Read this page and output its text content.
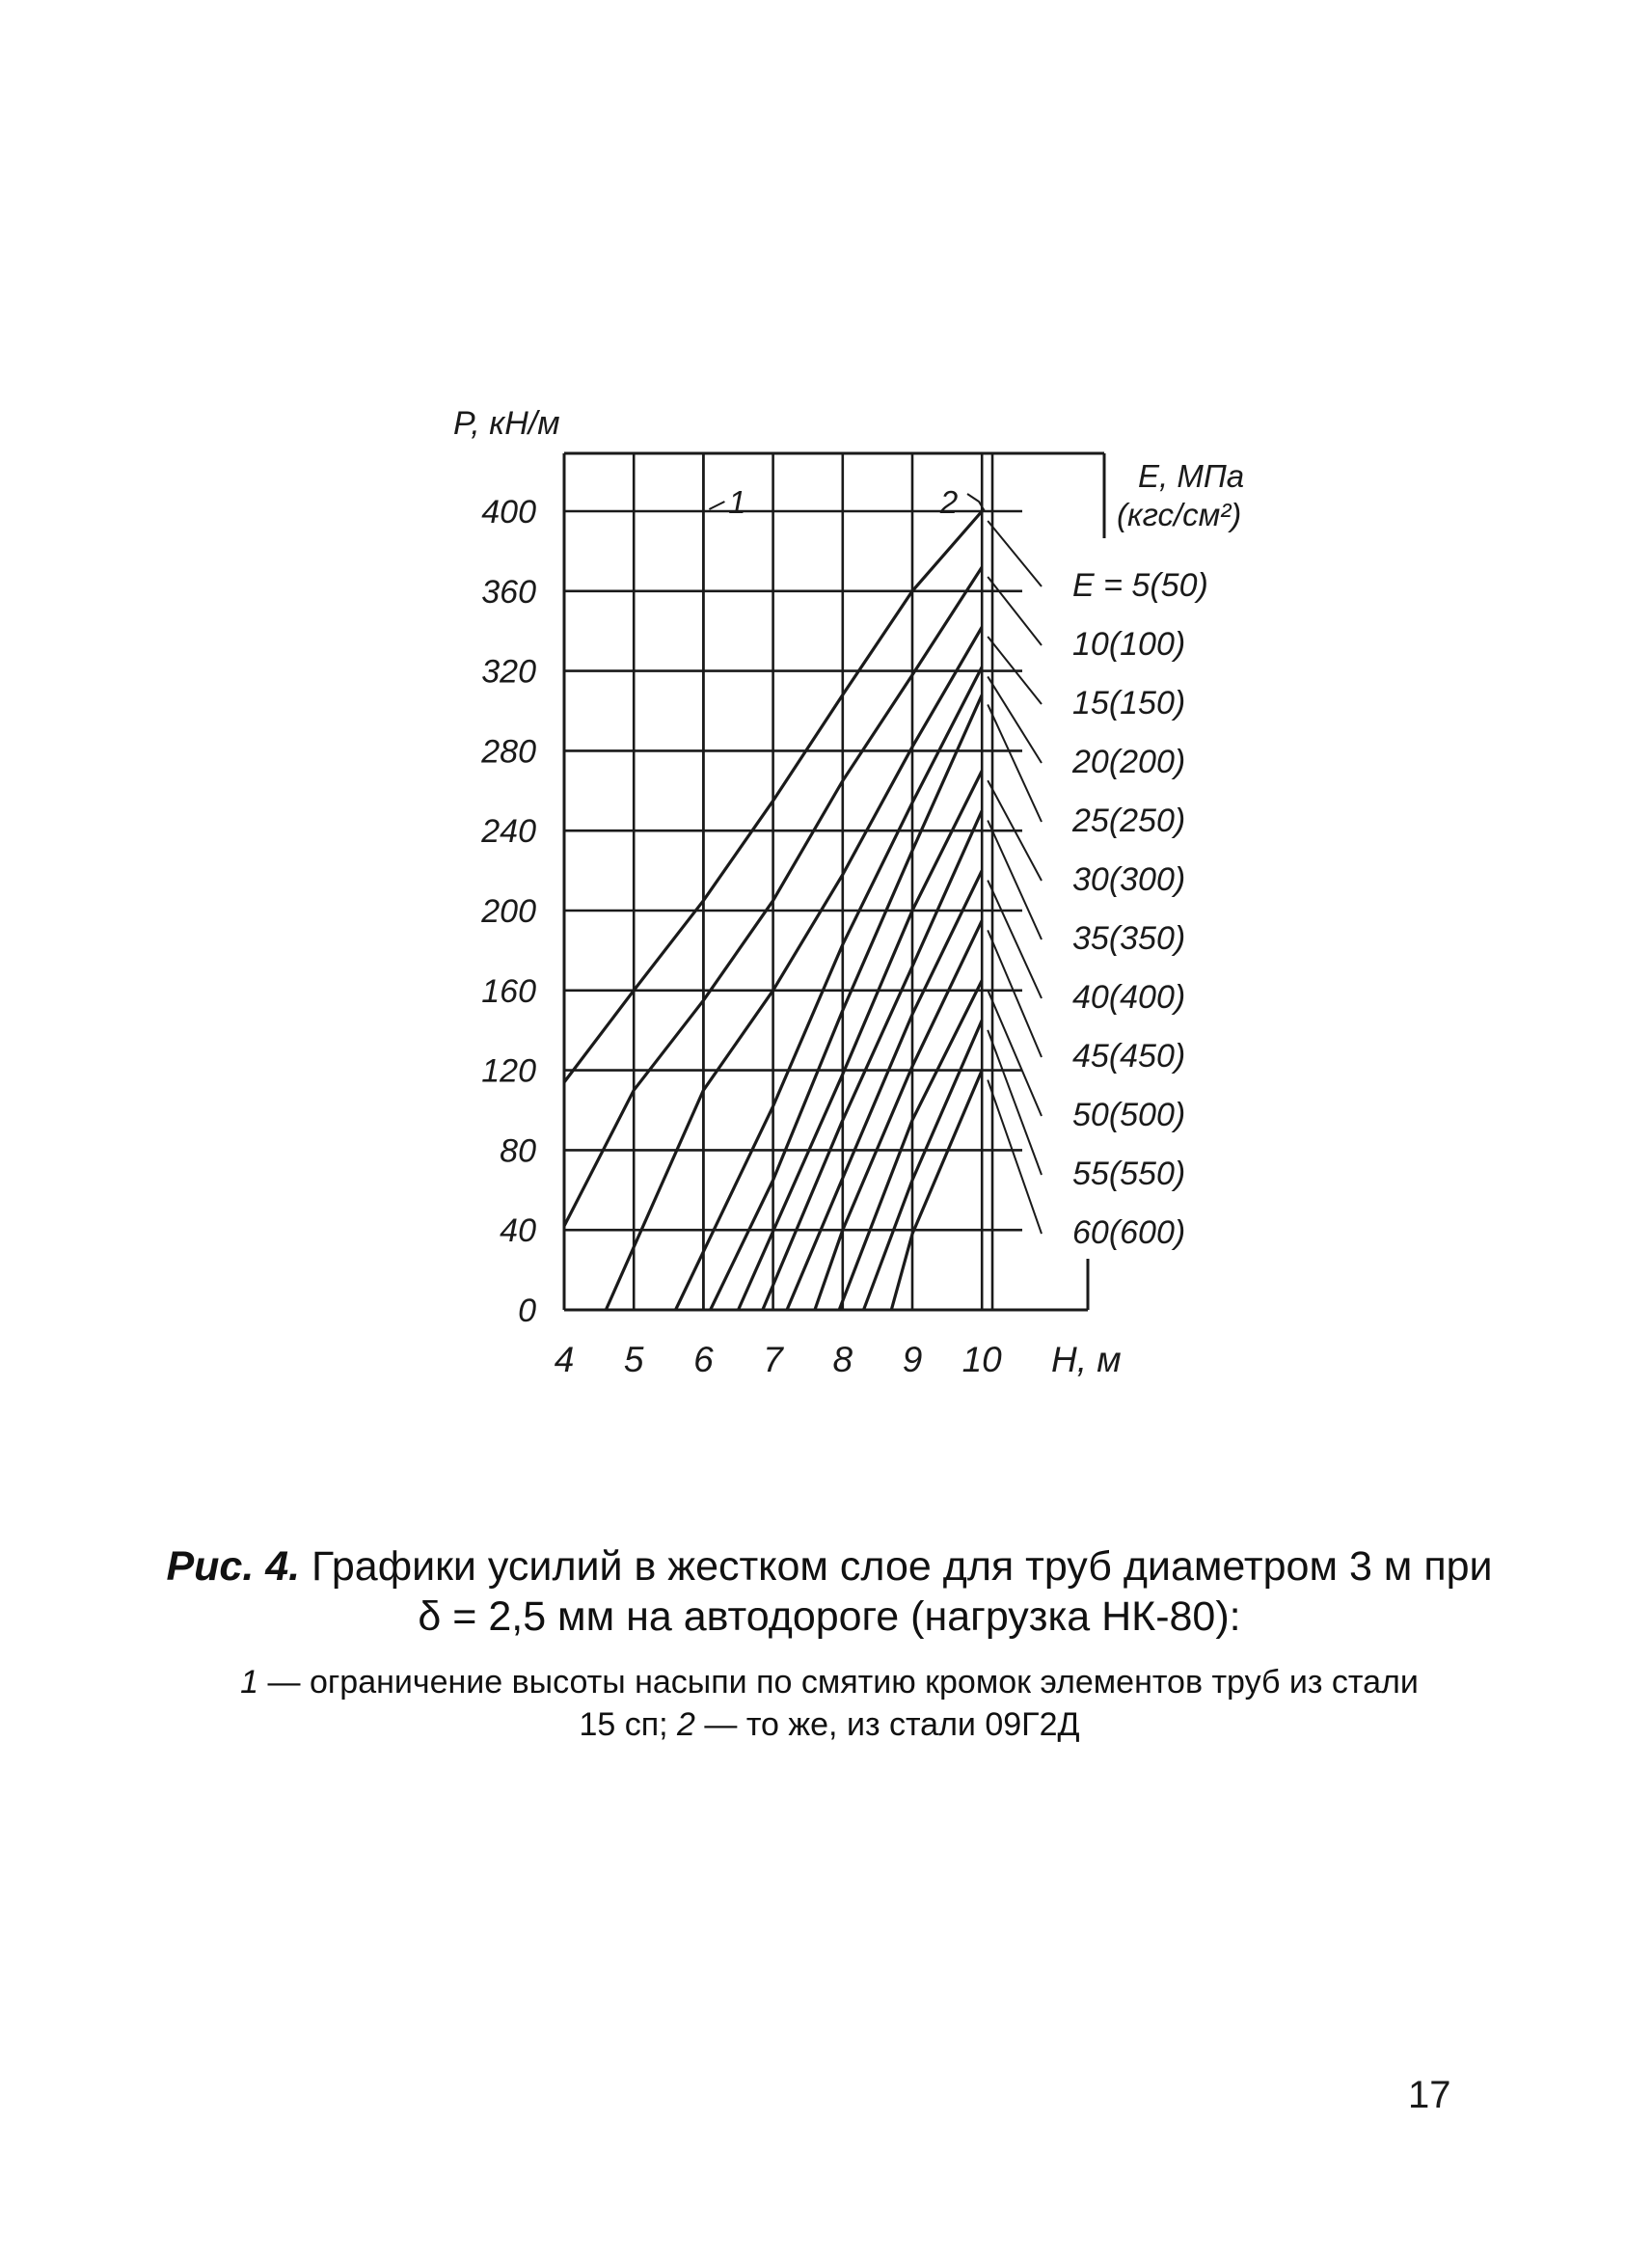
P, кН/м
Н, м
Е, МПа
(кгс/см²)
0
40
80
120
160
200
240
280
320
360
400
4 5 6 7 8 9 10
1	2
Е = 5(50)
10(100)
15(150)
20(200)
25(250)
30(300)
35(350)
40(400)
45(450)
50(500)
55(550)
60(600)
Рис. 4. Графики усилий в жестком слое для труб диаметром 3 м при
δ = 2,5 мм на автодороге (нагрузка НК-80):
1 — ограничение высоты насыпи по смятию кромок элементов труб из стали
15 сп; 2 — то же, из стали 09Г2Д
17
